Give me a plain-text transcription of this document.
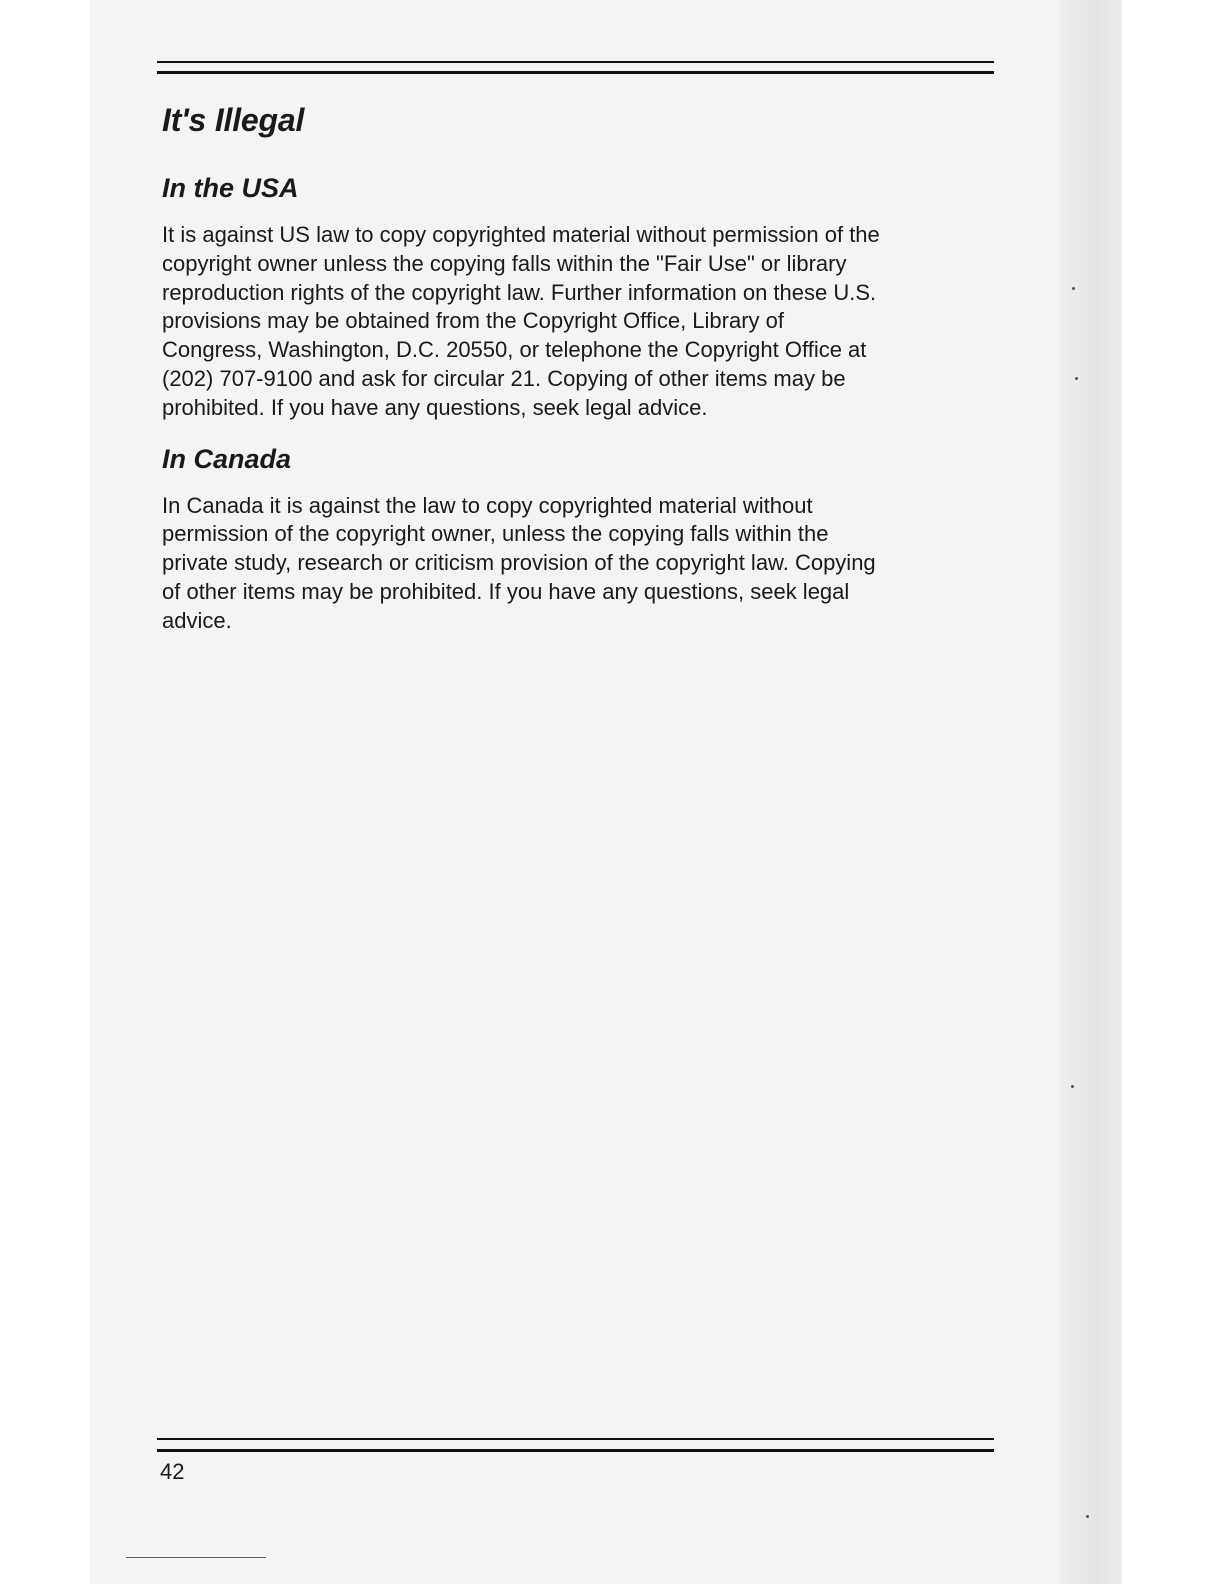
It's Illegal
In the USA
It is against US law to copy copyrighted material without permission of the
copyright owner unless the copying falls within the "Fair Use" or library
reproduction rights of the copyright law. Further information on these U.S.
provisions may be obtained from the Copyright Office, Library of
Congress, Washington, D.C. 20550, or telephone the Copyright Office at
(202) 707-9100 and ask for circular 21. Copying of other items may be
prohibited. If you have any questions, seek legal advice.
In Canada
In Canada it is against the law to copy copyrighted material without
permission of the copyright owner, unless the copying falls within the
private study, research or criticism provision of the copyright law. Copying
of other items may be prohibited. If you have any questions, seek legal
advice.
42
